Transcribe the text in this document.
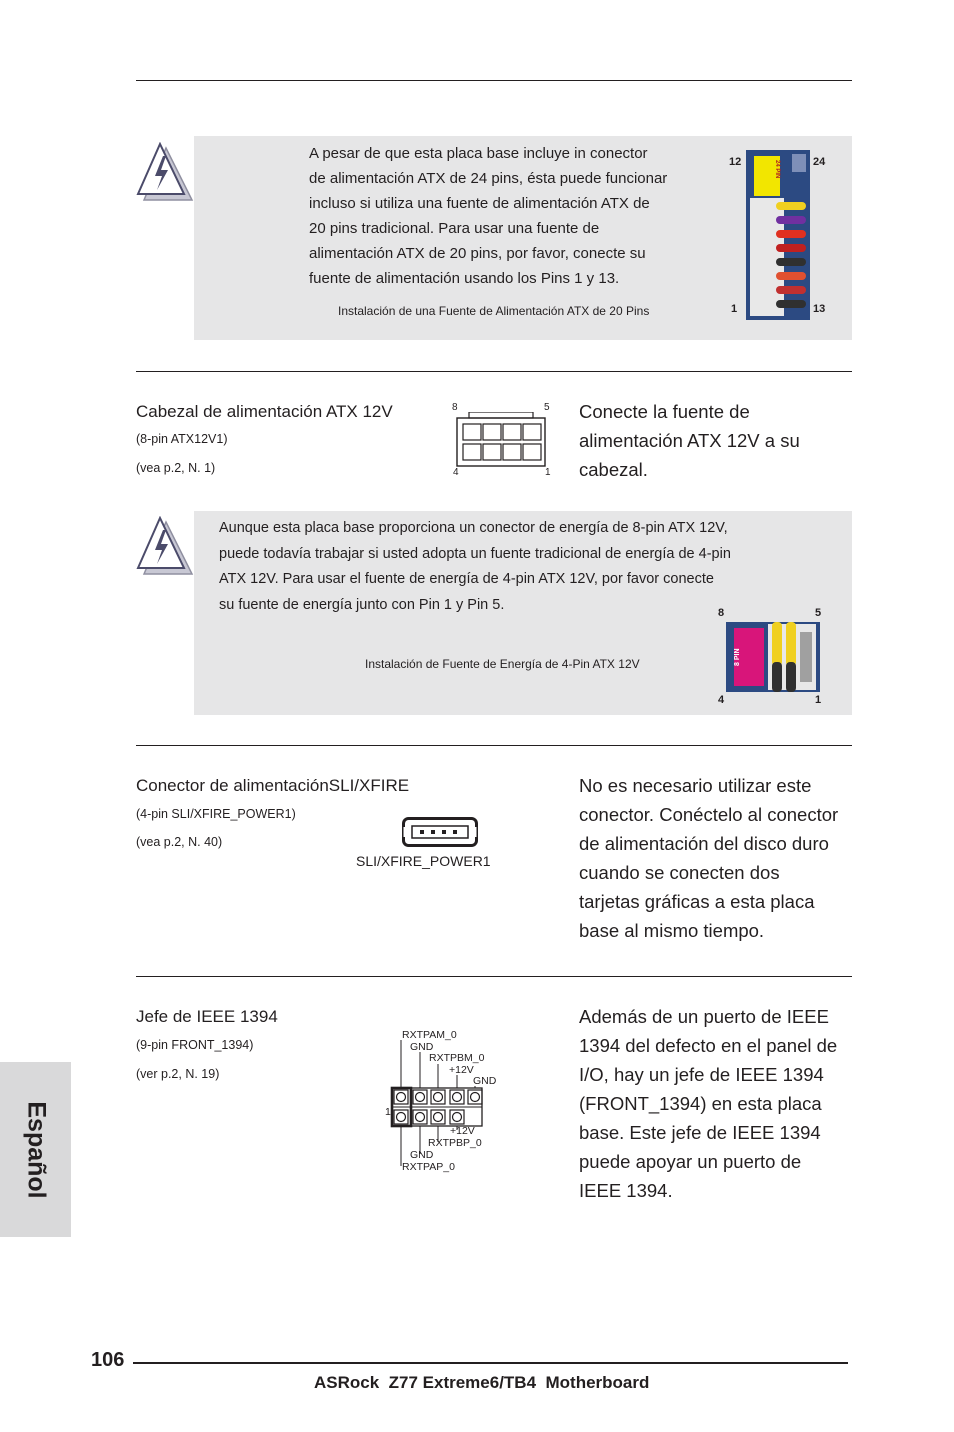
A pesar de que esta placa base incluye in conector
de alimentación ATX de 24 pins, ésta puede funcionar
incluso si utiliza una fuente de alimentación ATX de
20 pins tradicional. Para usar una fuente de
alimentación ATX de 20 pins, por favor, conecte su
fuente de alimentación usando los Pins 1 y 13.
Instalación de una Fuente de Alimentación ATX de 20 Pins
12	24
1	13
24 PIN
Cabezal de alimentación ATX 12V
(8-pin ATX12V1)
(vea p.2, N. 1)
8	5
4	1
Conecte la fuente de
alimentación ATX 12V a su
cabezal.
Aunque esta placa base proporciona un conector de energía de 8-pin ATX 12V,
puede todavía trabajar si usted adopta un fuente tradicional de energía de 4-pin
ATX 12V. Para usar el fuente de energía de 4-pin ATX 12V, por favor conecte
su fuente de energía junto con Pin 1 y Pin 5.
Instalación de Fuente de Energía de 4-Pin ATX 12V
8	5
4	1
8 PIN
Conector de alimentaciónSLI/XFIRE
(4-pin SLI/XFIRE_POWER1)
(vea p.2, N. 40)
SLI/XFIRE_POWER1
No es necesario utilizar este
conector. Conéctelo al conector
de alimentación del disco duro
cuando se conecten dos
tarjetas gráficas a esta placa
base al mismo tiempo.
Jefe de IEEE 1394
(9-pin FRONT_1394)
(ver p.2, N. 19)
RXTPAM_0
GND
RXTPBM_0
+12V
GND
1
+12V
RXTPBP_0
GND
RXTPAP_0
Además de un puerto de IEEE
1394 del defecto en el panel de
I/O, hay un jefe de IEEE 1394
(FRONT_1394) en esta placa
base. Este jefe de IEEE 1394
puede apoyar un puerto de
IEEE 1394.
Español
106
ASRock  Z77 Extreme6/TB4  Motherboard
